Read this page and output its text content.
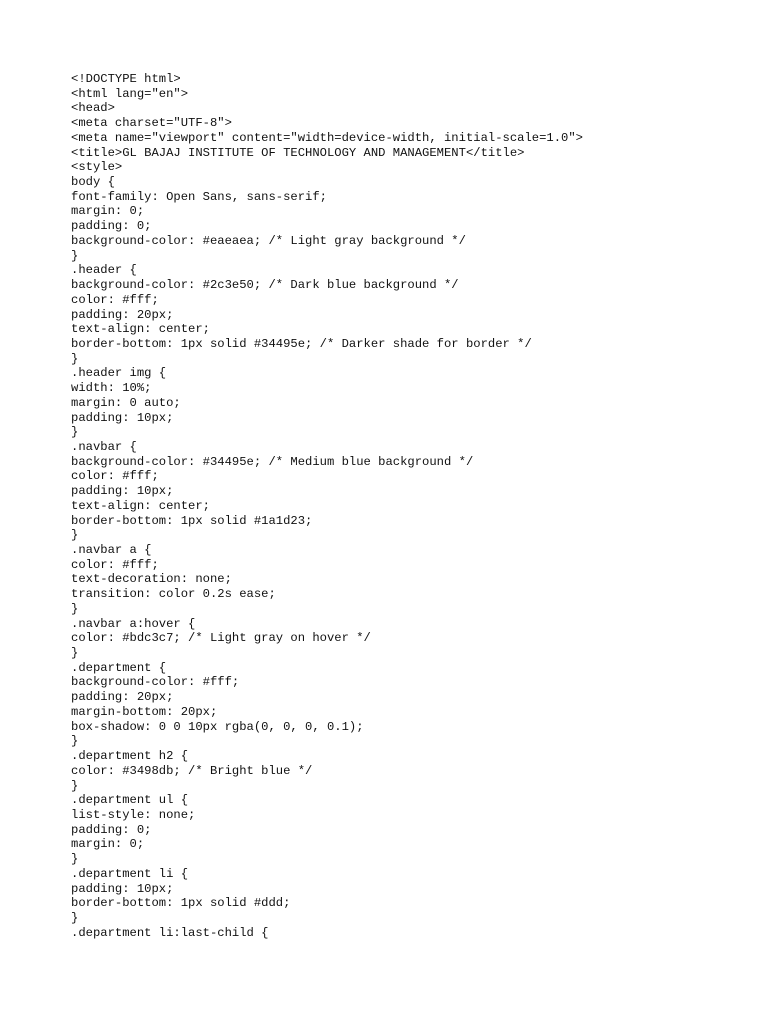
<!DOCTYPE html>
<html lang="en">
<head>
<meta charset="UTF-8">
<meta name="viewport" content="width=device-width, initial-scale=1.0">
<title>GL BAJAJ INSTITUTE OF TECHNOLOGY AND MANAGEMENT</title>
<style>
body {
font-family: Open Sans, sans-serif;
margin: 0;
padding: 0;
background-color: #eaeaea; /* Light gray background */
}
.header {
background-color: #2c3e50; /* Dark blue background */
color: #fff;
padding: 20px;
text-align: center;
border-bottom: 1px solid #34495e; /* Darker shade for border */
}
.header img {
width: 10%;
margin: 0 auto;
padding: 10px;
}
.navbar {
background-color: #34495e; /* Medium blue background */
color: #fff;
padding: 10px;
text-align: center;
border-bottom: 1px solid #1a1d23;
}
.navbar a {
color: #fff;
text-decoration: none;
transition: color 0.2s ease;
}
.navbar a:hover {
color: #bdc3c7; /* Light gray on hover */
}
.department {
background-color: #fff;
padding: 20px;
margin-bottom: 20px;
box-shadow: 0 0 10px rgba(0, 0, 0, 0.1);
}
.department h2 {
color: #3498db; /* Bright blue */
}
.department ul {
list-style: none;
padding: 0;
margin: 0;
}
.department li {
padding: 10px;
border-bottom: 1px solid #ddd;
}
.department li:last-child {
